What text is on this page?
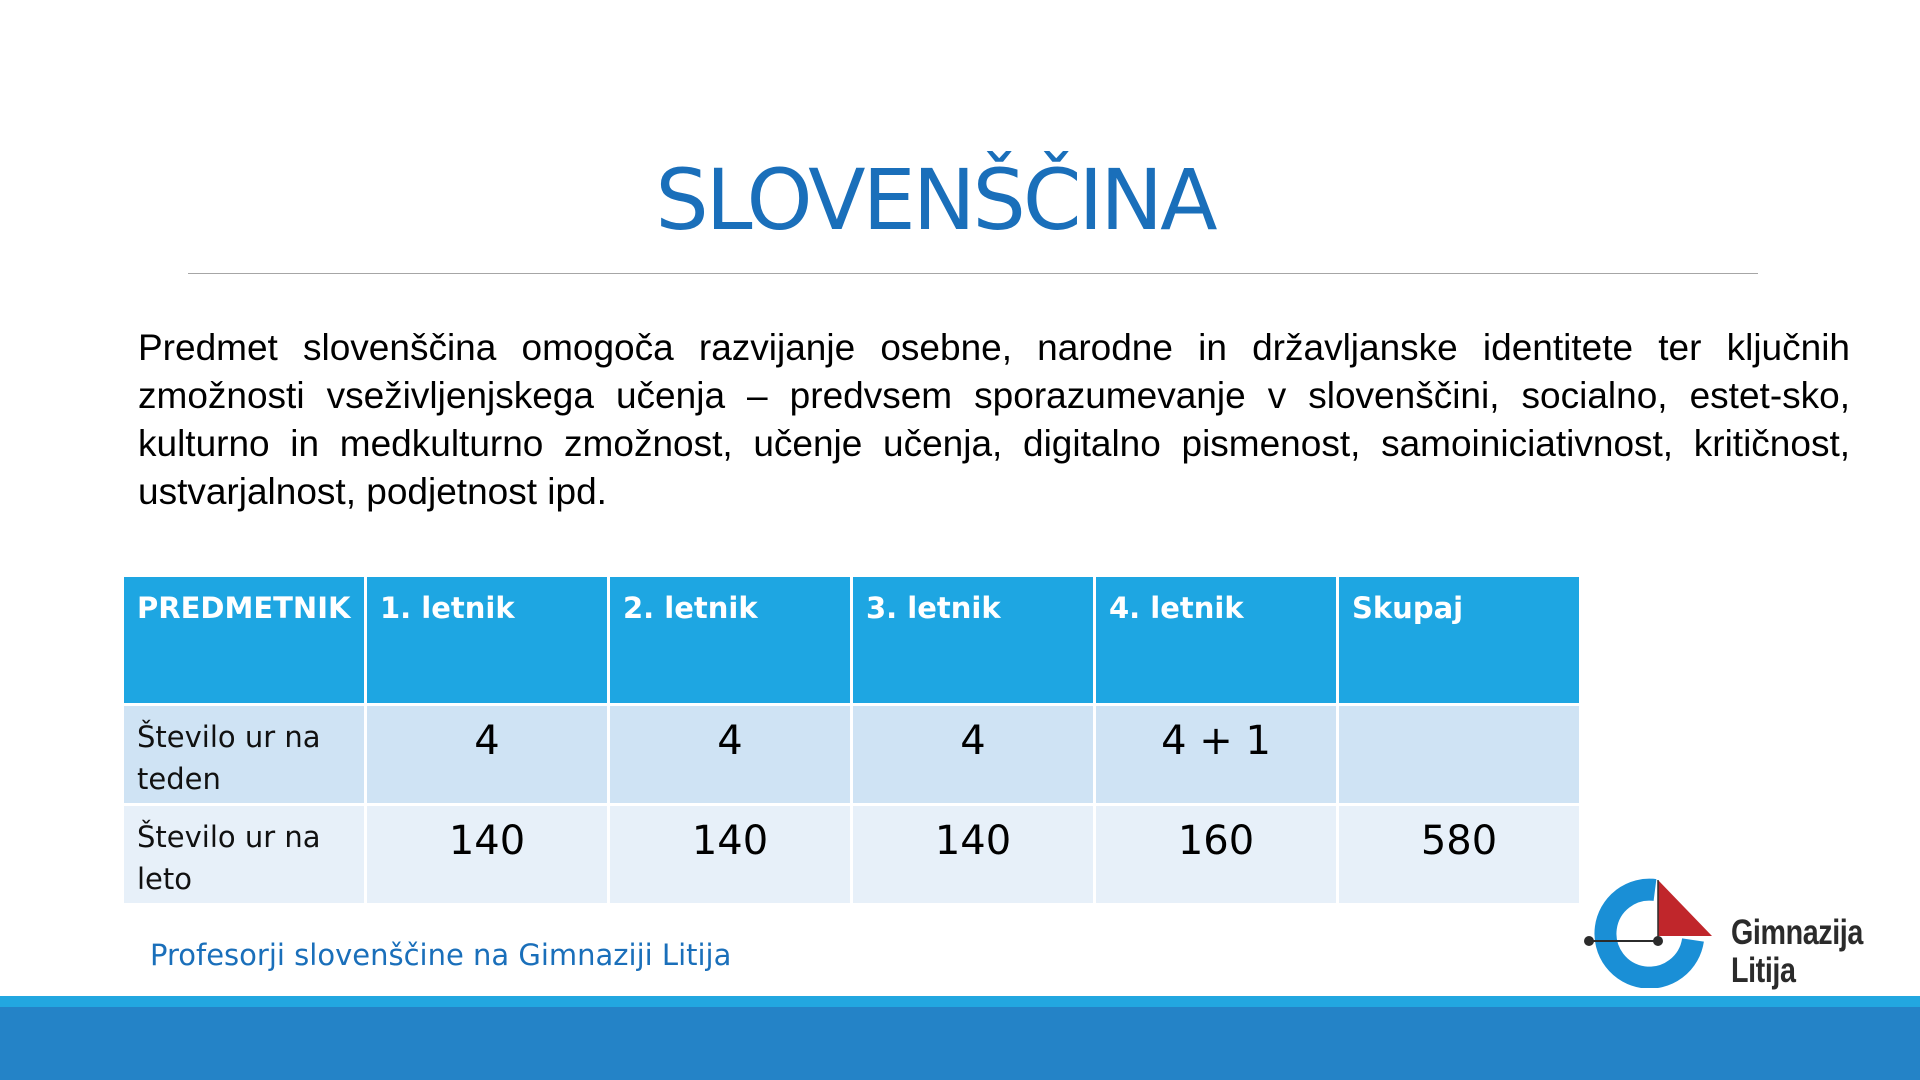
SLOVENŠČINA

Predmet slovenščina omogoča razvijanje osebne, narodne in državljanske identitete ter ključnih zmožnosti vseživljenjskega učenja – predvsem sporazumevanje v slovenščini, socialno, estet-sko, kulturno in medkulturno zmožnost, učenje učenja, digitalno pismenost, samoiniciativnost, kritičnost, ustvarjalnost, podjetnost ipd.

PREDMETNIK	1. letnik	2. letnik	3. letnik	4. letnik	Skupaj
Število ur na
teden	4	4	4	4 + 1	
Število ur na
leto	140	140	140	160	580

Profesorji slovenščine na Gimnaziji Litija

Gimnazija
Litija
